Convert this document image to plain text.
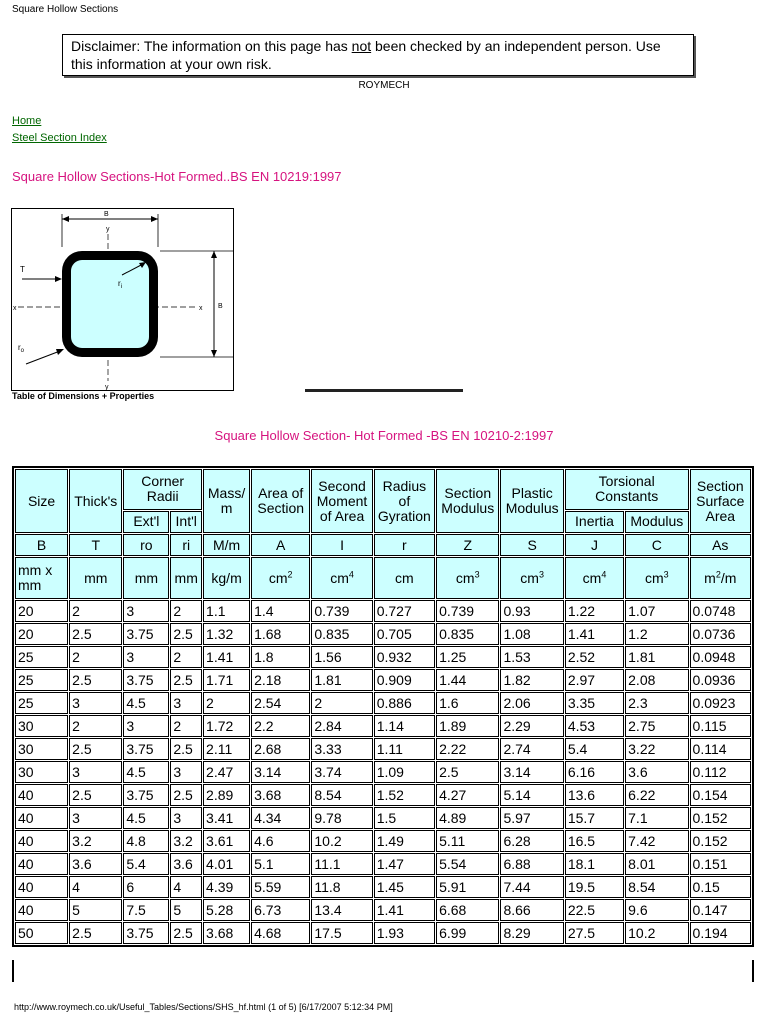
Square Hollow Sections
Disclaimer: The information on this page has not been checked by an independent person. Use this information at your own risk.
ROYMECH
Home
Steel Section Index
Square Hollow Sections-Hot Formed..BS EN 10219:1997
B
y
x	x B
T
$r_i$
$r_o$
y
Table of Dimensions + Properties
Square Hollow Section- Hot Formed -BS EN 10210-2:1997
Size	Thick's	Corner Radii		Mass/ m	Area of Section	Second Moment of Area	Radius of Gyration	Section Modulus	Plastic Modulus	Torsional Constants		Section Surface Area
		Ext'l	Int'l							Inertia	Modulus	
B	T	ro	ri	M/m	A	I	r	Z	S	J	C	As
mm x mm	mm	mm	mm	kg/m	$cm^2$	$cm^4$	cm	$cm^3$	$cm^3$	$cm^4$	$cm^3$	$m^2/m$
20	2	3	2	1.1	1.4	0.739	0.727	0.739	0.93	1.22	1.07	0.0748
20	2.5	3.75	2.5	1.32	1.68	0.835	0.705	0.835	1.08	1.41	1.2	0.0736
25	2	3	2	1.41	1.8	1.56	0.932	1.25	1.53	2.52	1.81	0.0948
25	2.5	3.75	2.5	1.71	2.18	1.81	0.909	1.44	1.82	2.97	2.08	0.0936
25	3	4.5	3	2	2.54	2	0.886	1.6	2.06	3.35	2.3	0.0923
30	2	3	2	1.72	2.2	2.84	1.14	1.89	2.29	4.53	2.75	0.115
30	2.5	3.75	2.5	2.11	2.68	3.33	1.11	2.22	2.74	5.4	3.22	0.114
30	3	4.5	3	2.47	3.14	3.74	1.09	2.5	3.14	6.16	3.6	0.112
40	2.5	3.75	2.5	2.89	3.68	8.54	1.52	4.27	5.14	13.6	6.22	0.154
40	3	4.5	3	3.41	4.34	9.78	1.5	4.89	5.97	15.7	7.1	0.152
40	3.2	4.8	3.2	3.61	4.6	10.2	1.49	5.11	6.28	16.5	7.42	0.152
40	3.6	5.4	3.6	4.01	5.1	11.1	1.47	5.54	6.88	18.1	8.01	0.151
40	4	6	4	4.39	5.59	11.8	1.45	5.91	7.44	19.5	8.54	0.15
40	5	7.5	5	5.28	6.73	13.4	1.41	6.68	8.66	22.5	9.6	0.147
50	2.5	3.75	2.5	3.68	4.68	17.5	1.93	6.99	8.29	27.5	10.2	0.194
http://www.roymech.co.uk/Useful_Tables/Sections/SHS_hf.html (1 of 5) [6/17/2007 5:12:34 PM]
